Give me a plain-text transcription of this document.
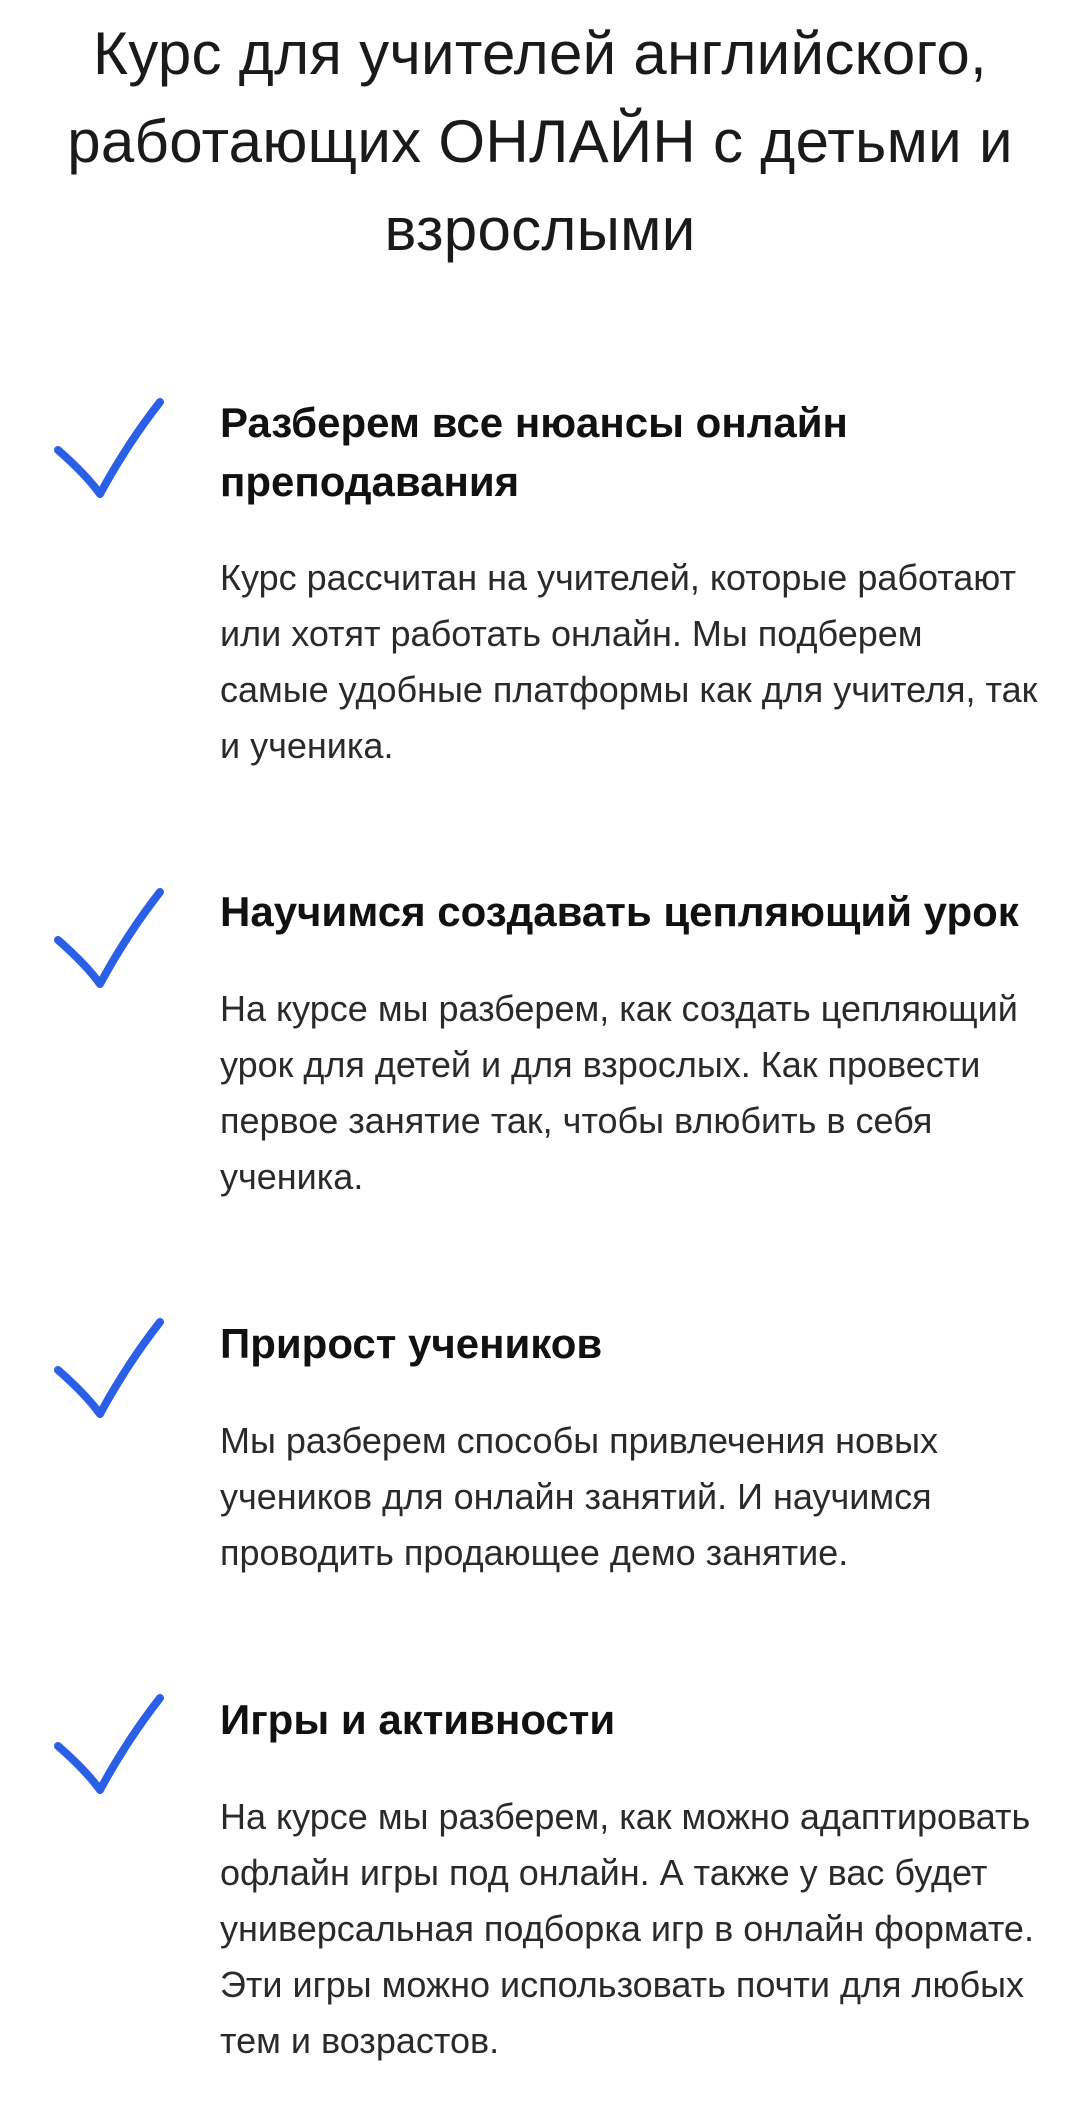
Курс для учителей английского, работающих ОНЛАЙН с детьми и взрослыми
Разберем все нюансы онлайн преподавания

Курс рассчитан на учителей, которые работают или хотят работать онлайн. Мы подберем самые удобные платформы как для учителя, так и ученика.

Научимся создавать цепляющий урок

На курсе мы разберем, как создать цепляющий урок для детей и для взрослых. Как провести первое занятие так, чтобы влюбить в себя ученика.

Прирост учеников

Мы разберем способы привлечения новых учеников для онлайн занятий. И научимся проводить продающее демо занятие.

Игры и активности

На курсе мы разберем, как можно адаптировать офлайн игры под онлайн. А также у вас будет универсальная подборка игр в онлайн формате. Эти игры можно использовать почти для любых тем и возрастов.
